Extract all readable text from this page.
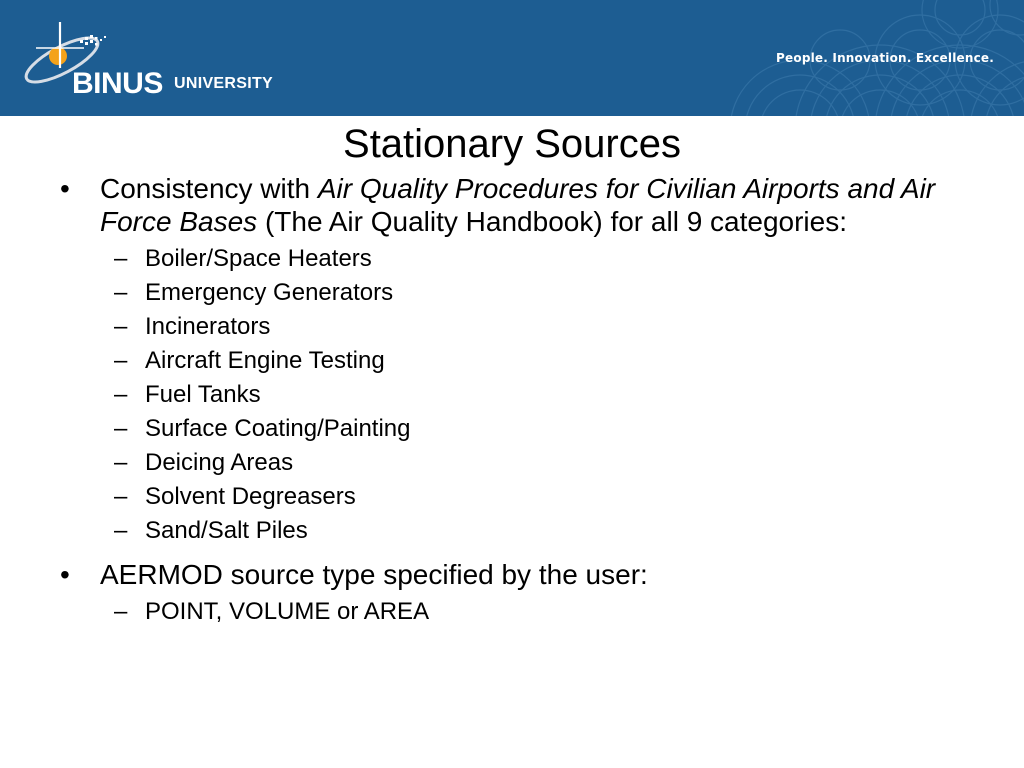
BINUS UNIVERSITY
People. Innovation. Excellence.
Stationary Sources
• Consistency with Air Quality Procedures for Civilian Airports and Air Force Bases (The Air Quality Handbook) for all 9 categories:
– Boiler/Space Heaters
– Emergency Generators
– Incinerators
– Aircraft Engine Testing
– Fuel Tanks
– Surface Coating/Painting
– Deicing Areas
– Solvent Degreasers
– Sand/Salt Piles
• AERMOD source type specified by the user:
– POINT, VOLUME or AREA
